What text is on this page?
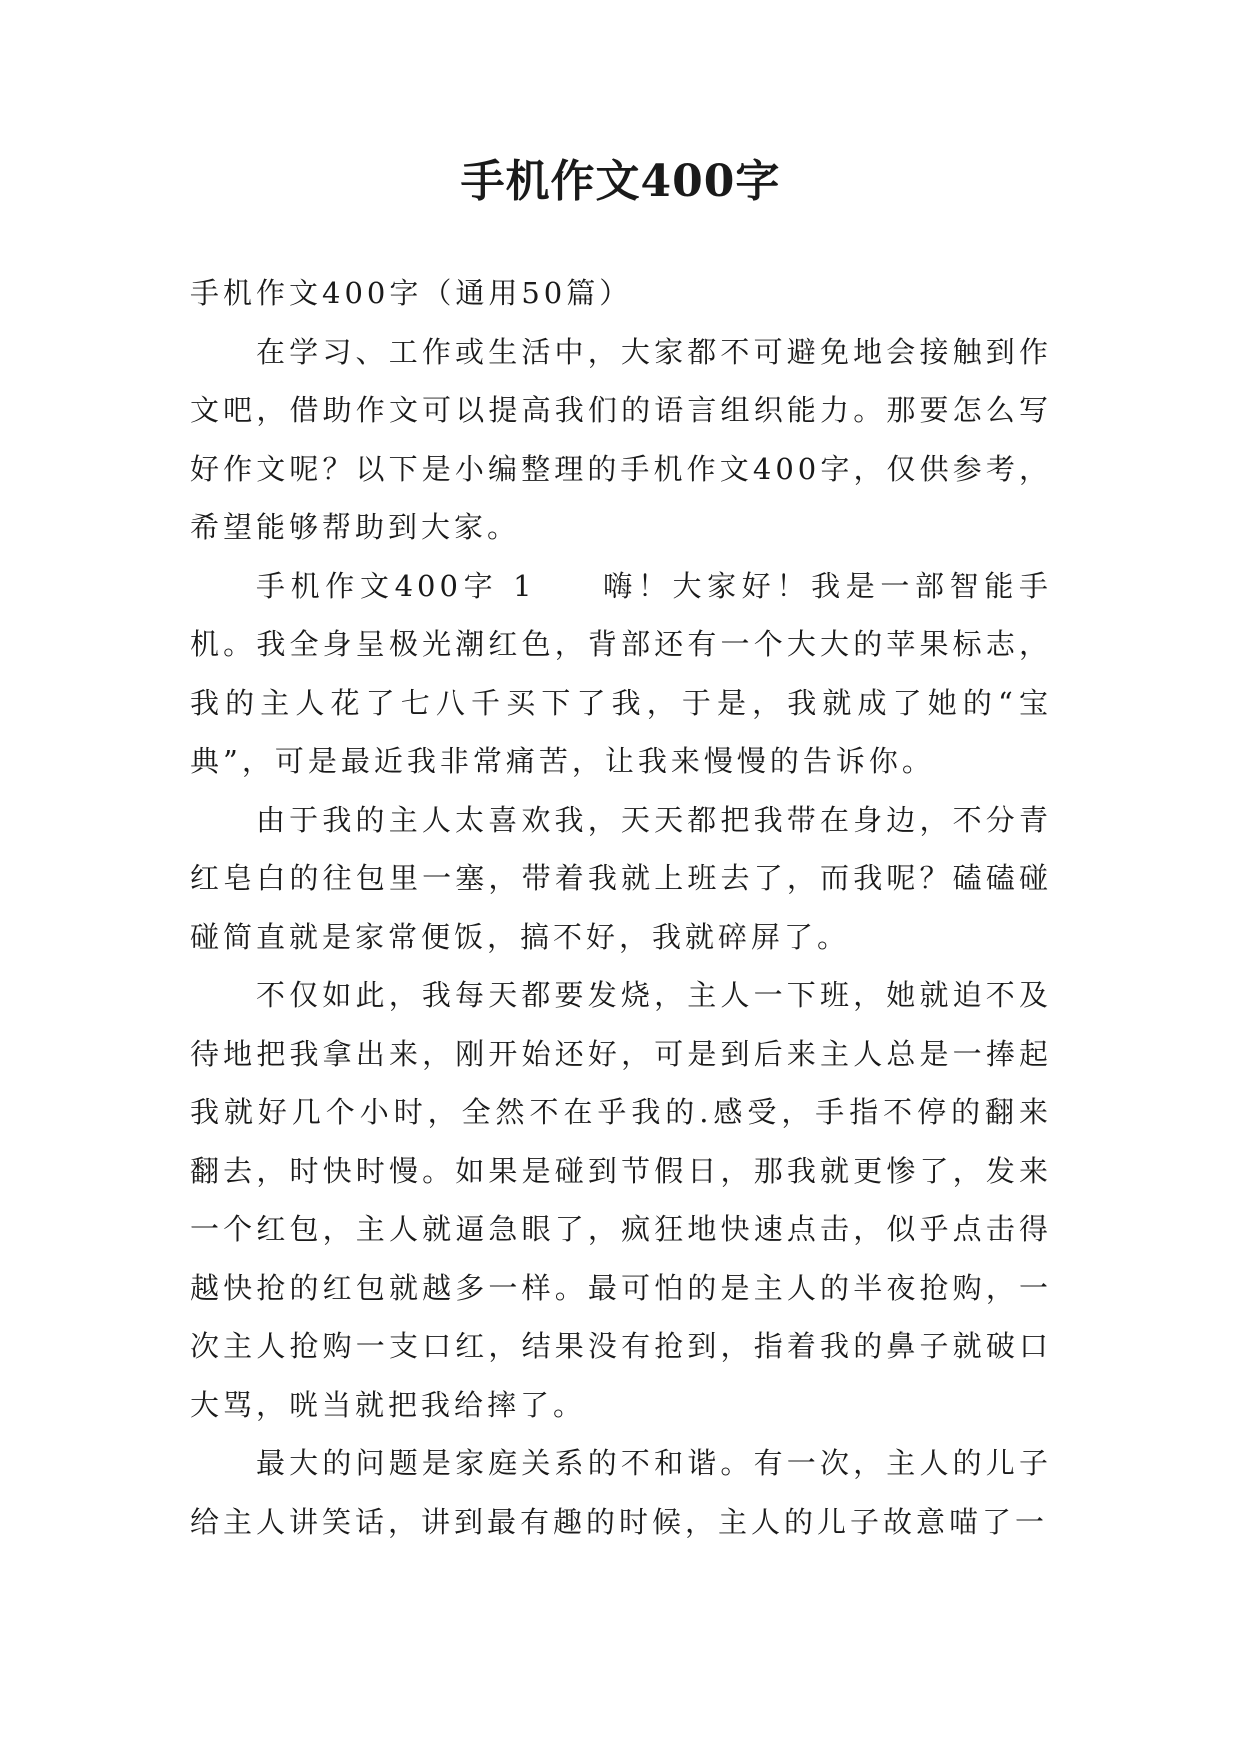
手机作文400字

手机作文400字（通用50篇）

在学习、工作或生活中，大家都不可避免地会接触到作文吧，借助作文可以提高我们的语言组织能力。那要怎么写好作文呢？以下是小编整理的手机作文400字，仅供参考，希望能够帮助到大家。

手机作文400字 1 嗨！大家好！我是一部智能手机。我全身呈极光潮红色，背部还有一个大大的苹果标志，我的主人花了七八千买下了我，于是，我就成了她的“宝典”，可是最近我非常痛苦，让我来慢慢的告诉你。

由于我的主人太喜欢我，天天都把我带在身边，不分青红皂白的往包里一塞，带着我就上班去了，而我呢？磕磕碰碰简直就是家常便饭，搞不好，我就碎屏了。

不仅如此，我每天都要发烧，主人一下班，她就迫不及待地把我拿出来，刚开始还好，可是到后来主人总是一捧起我就好几个小时，全然不在乎我的.感受，手指不停的翻来翻去，时快时慢。如果是碰到节假日，那我就更惨了，发来一个红包，主人就逼急眼了，疯狂地快速点击，似乎点击得越快抢的红包就越多一样。最可怕的是主人的半夜抢购，一次主人抢购一支口红，结果没有抢到，指着我的鼻子就破口大骂，咣当就把我给摔了。

最大的问题是家庭关系的不和谐。有一次，主人的儿子给主人讲笑话，讲到最有趣的时候，主人的儿子故意喵了一
